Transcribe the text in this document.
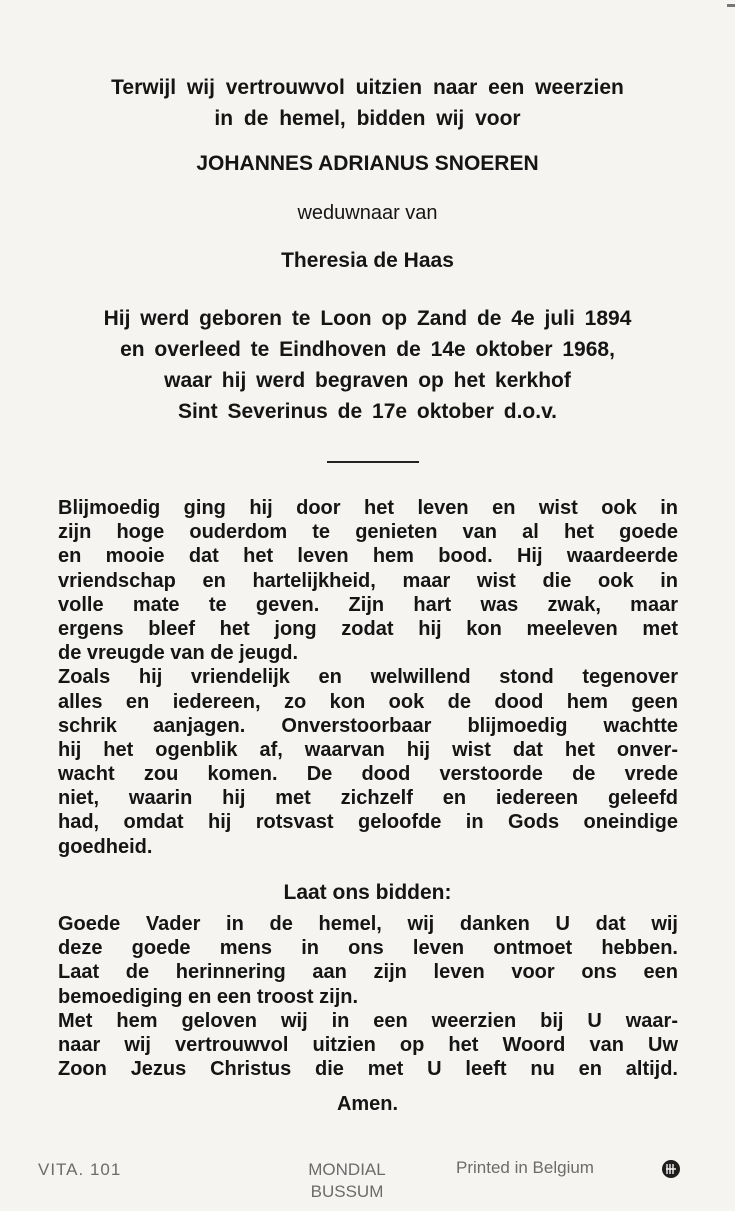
Terwijl wij vertrouwvol uitzien naar een weerzien
in de hemel, bidden wij voor
JOHANNES ADRIANUS SNOEREN
weduwnaar van
Theresia de Haas
Hij werd geboren te Loon op Zand de 4e juli 1894
en overleed te Eindhoven de 14e oktober 1968,
waar hij werd begraven op het kerkhof
Sint Severinus de 17e oktober d.o.v.
Blijmoedig ging hij door het leven en wist ook in
zijn hoge ouderdom te genieten van al het goede
en mooie dat het leven hem bood. Hij waardeerde
vriendschap en hartelijkheid, maar wist die ook in
volle mate te geven. Zijn hart was zwak, maar
ergens bleef het jong zodat hij kon meeleven met
de vreugde van de jeugd.
Zoals hij vriendelijk en welwillend stond tegenover
alles en iedereen, zo kon ook de dood hem geen
schrik aanjagen. Onverstoorbaar blijmoedig wachtte
hij het ogenblik af, waarvan hij wist dat het onver-
wacht zou komen. De dood verstoorde de vrede
niet, waarin hij met zichzelf en iedereen geleefd
had, omdat hij rotsvast geloofde in Gods oneindige
goedheid.
Laat ons bidden:
Goede Vader in de hemel, wij danken U dat wij
deze goede mens in ons leven ontmoet hebben.
Laat de herinnering aan zijn leven voor ons een
bemoediging en een troost zijn.
Met hem geloven wij in een weerzien bij U waar-
naar wij vertrouwvol uitzien op het Woord van Uw
Zoon Jezus Christus die met U leeft nu en altijd.
Amen.
VITA. 101	MONDIAL
BUSSUM
Printed in Belgium
